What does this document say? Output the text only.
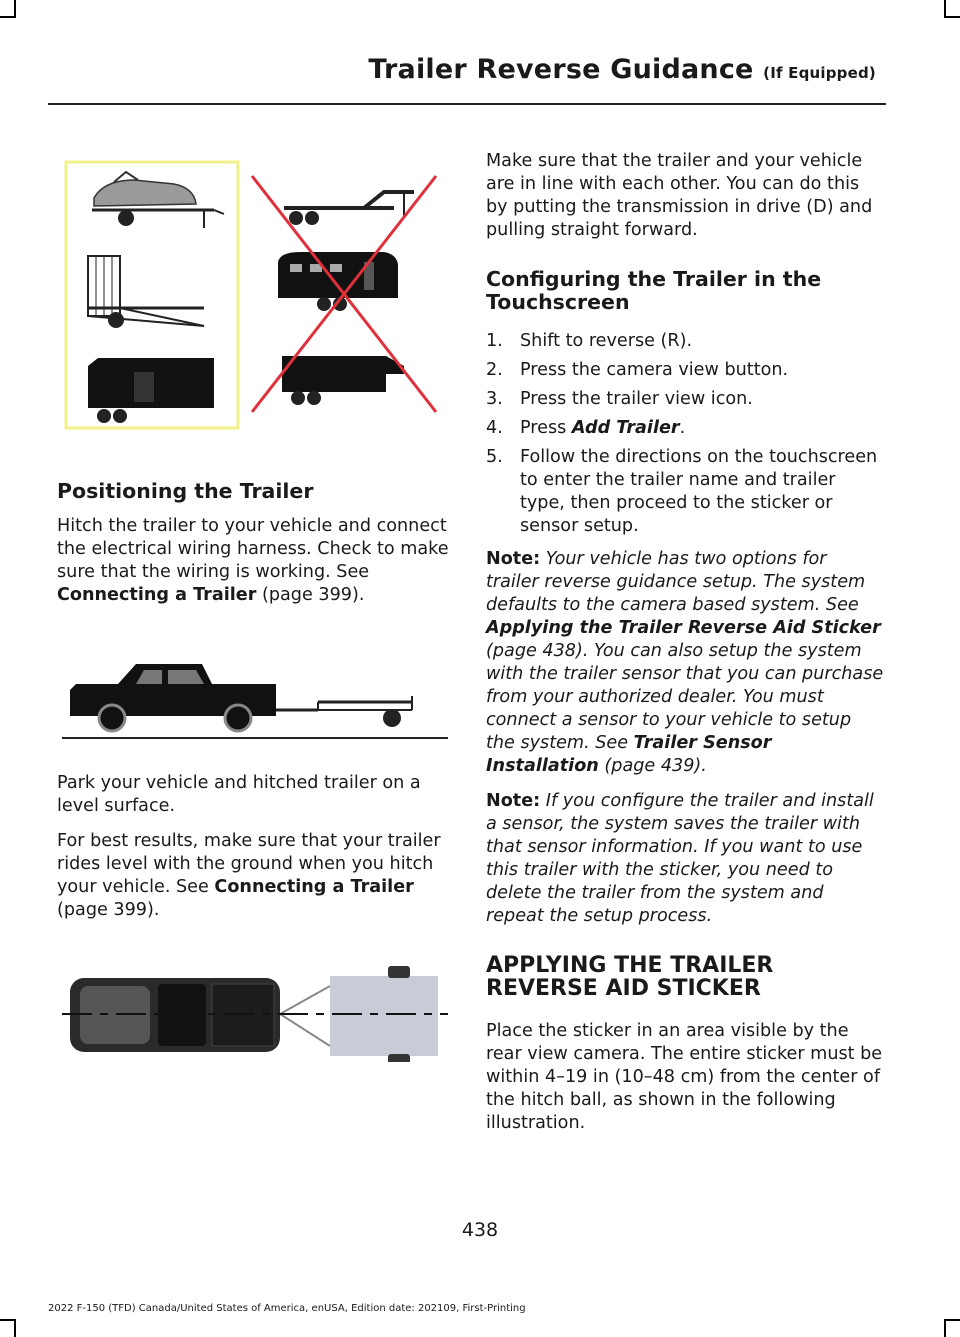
Trailer Reverse Guidance (If Equipped)
Positioning the Trailer

Hitch the trailer to your vehicle and connect the electrical wiring harness. Check to make sure that the wiring is working. See Connecting a Trailer (page 399).

Park your vehicle and hitched trailer on a level surface.

For best results, make sure that your trailer rides level with the ground when you hitch your vehicle. See Connecting a Trailer (page 399).

Make sure that the trailer and your vehicle are in line with each other. You can do this by putting the transmission in drive (D) and pulling straight forward.

Configuring the Trailer in the Touchscreen
1. Shift to reverse (R).
2. Press the camera view button.
3. Press the trailer view icon.
4. Press Add Trailer.
5. Follow the directions on the touchscreen to enter the trailer name and trailer type, then proceed to the sticker or sensor setup.

Note: Your vehicle has two options for trailer reverse guidance setup. The system defaults to the camera based system. See Applying the Trailer Reverse Aid Sticker (page 438). You can also setup the system with the trailer sensor that you can purchase from your authorized dealer. You must connect a sensor to your vehicle to setup the system. See Trailer Sensor Installation (page 439).

Note: If you configure the trailer and install a sensor, the system saves the trailer with that sensor information. If you want to use this trailer with the sticker, you need to delete the trailer from the system and repeat the setup process.

APPLYING THE TRAILER REVERSE AID STICKER

Place the sticker in an area visible by the rear view camera. The entire sticker must be within 4–19 in (10–48 cm) from the center of the hitch ball, as shown in the following illustration.

438
2022 F-150 (TFD) Canada/United States of America, enUSA, Edition date: 202109, First-Printing
